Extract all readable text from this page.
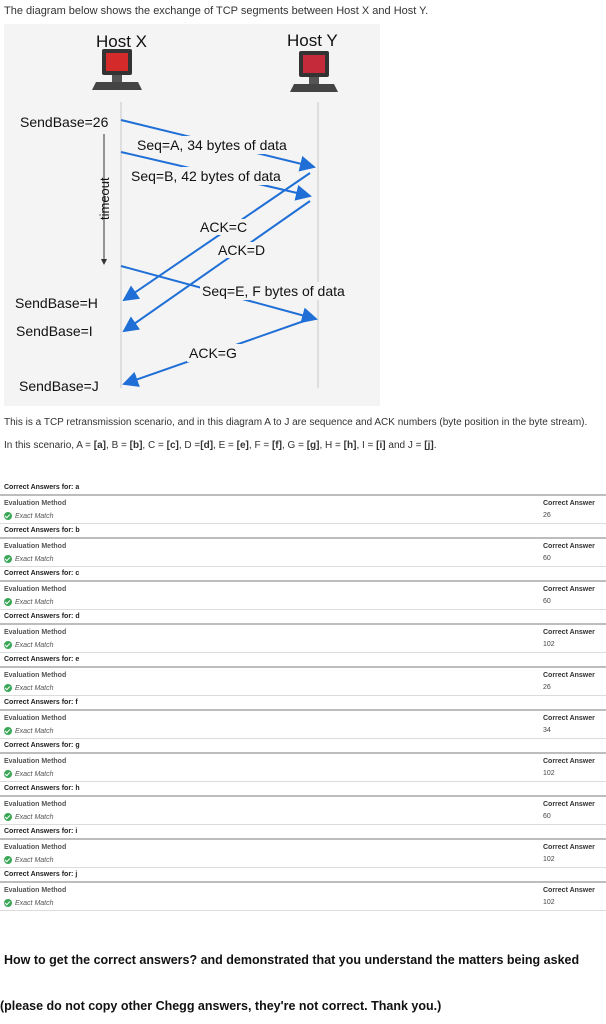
The diagram below shows the exchange of TCP segments between Host X and Host Y.
Host X	Host Y
timeout
Seq=A, 34 bytes of data
Seq=B, 42 bytes of data
ACK=C
ACK=D
Seq=E, F bytes of data
ACK=G
SendBase=26
SendBase=H
SendBase=I
SendBase=J
This is a TCP retransmission scenario, and in this diagram A to J are sequence and ACK numbers (byte position in the byte stream).
In this scenario, A = [a], B = [b], C = [c], D =[d], E = [e], F = [f], G = [g], H = [h], I = [i] and J = [j].
Correct Answers for: a
Evaluation Method	Correct Answer
Exact Match	26
Correct Answers for: b
Evaluation Method	Correct Answer
Exact Match	60
Correct Answers for: c
Evaluation Method	Correct Answer
Exact Match	60
Correct Answers for: d
Evaluation Method	Correct Answer
Exact Match	102
Correct Answers for: e
Evaluation Method	Correct Answer
Exact Match	26
Correct Answers for: f
Evaluation Method	Correct Answer
Exact Match	34
Correct Answers for: g
Evaluation Method	Correct Answer
Exact Match	102
Correct Answers for: h
Evaluation Method	Correct Answer
Exact Match	60
Correct Answers for: i
Evaluation Method	Correct Answer
Exact Match	102
Correct Answers for: j
Evaluation Method	Correct Answer
Exact Match	102
How to get the correct answers? and demonstrated that you understand the matters being asked
(please do not copy other Chegg answers, they're not correct. Thank you.)
